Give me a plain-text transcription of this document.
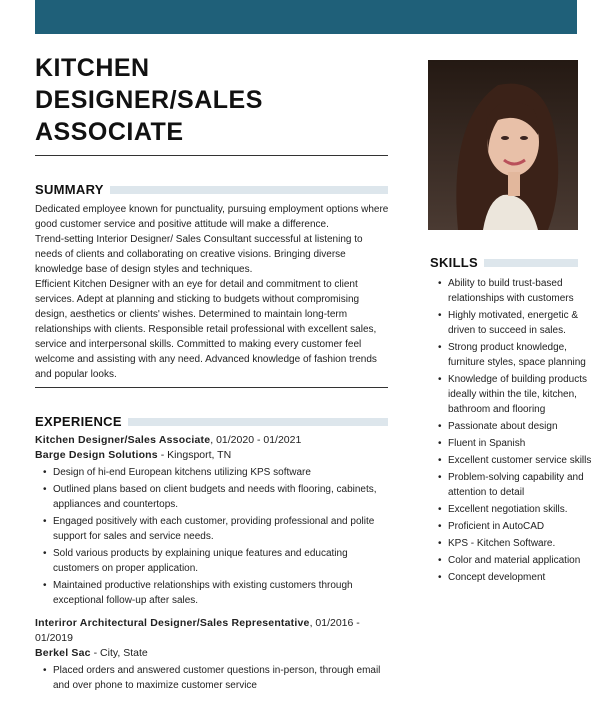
KITCHEN
DESIGNER/SALES
ASSOCIATE
SUMMARY

Dedicated employee known for punctuality, pursuing employment options where good customer service and positive attitude will make a difference.

Trend-setting Interior Designer/ Sales Consultant successful at listening to needs of clients and collaborating on creative visions. Bringing diverse knowledge base of design styles and techniques.

Efficient Kitchen Designer with an eye for detail and commitment to client services. Adept at planning and sticking to budgets without compromising design, aesthetics or clients' wishes. Determined to maintain long-term relationships with clients. Responsible retail professional with excellent sales, service and interpersonal skills. Committed to making every customer feel welcome and assisting with any need. Advanced knowledge of fashion trends and popular looks.

EXPERIENCE
Kitchen Designer/Sales Associate, 01/2020 - 01/2021
Barge Design Solutions - Kingsport, TN
• Design of hi-end European kitchens utilizing KPS software
• Outlined plans based on client budgets and needs with flooring, cabinets, appliances and countertops.
• Engaged positively with each customer, providing professional and polite support for sales and service needs.
• Sold various products by explaining unique features and educating customers on proper application.
• Maintained productive relationships with existing customers through exceptional follow-up after sales.
Interiror Architectural Designer/Sales Representative, 01/2016 - 01/2019
Berkel Sac - City, State
• Placed orders and answered customer questions in-person, through email and over phone to maximize customer service
SKILLS
• Ability to build trust-based relationships with customers
• Highly motivated, energetic & driven to succeed in sales.
• Strong product knowledge, furniture styles, space planning
• Knowledge of building products ideally within the tile, kitchen, bathroom and flooring
• Passionate about design
• Fluent in Spanish
• Excellent customer service skills
• Problem-solving capability and attention to detail
• Excellent negotiation skills.
• Proficient in AutoCAD
• KPS - Kitchen Software.
• Color and material application
• Concept development
